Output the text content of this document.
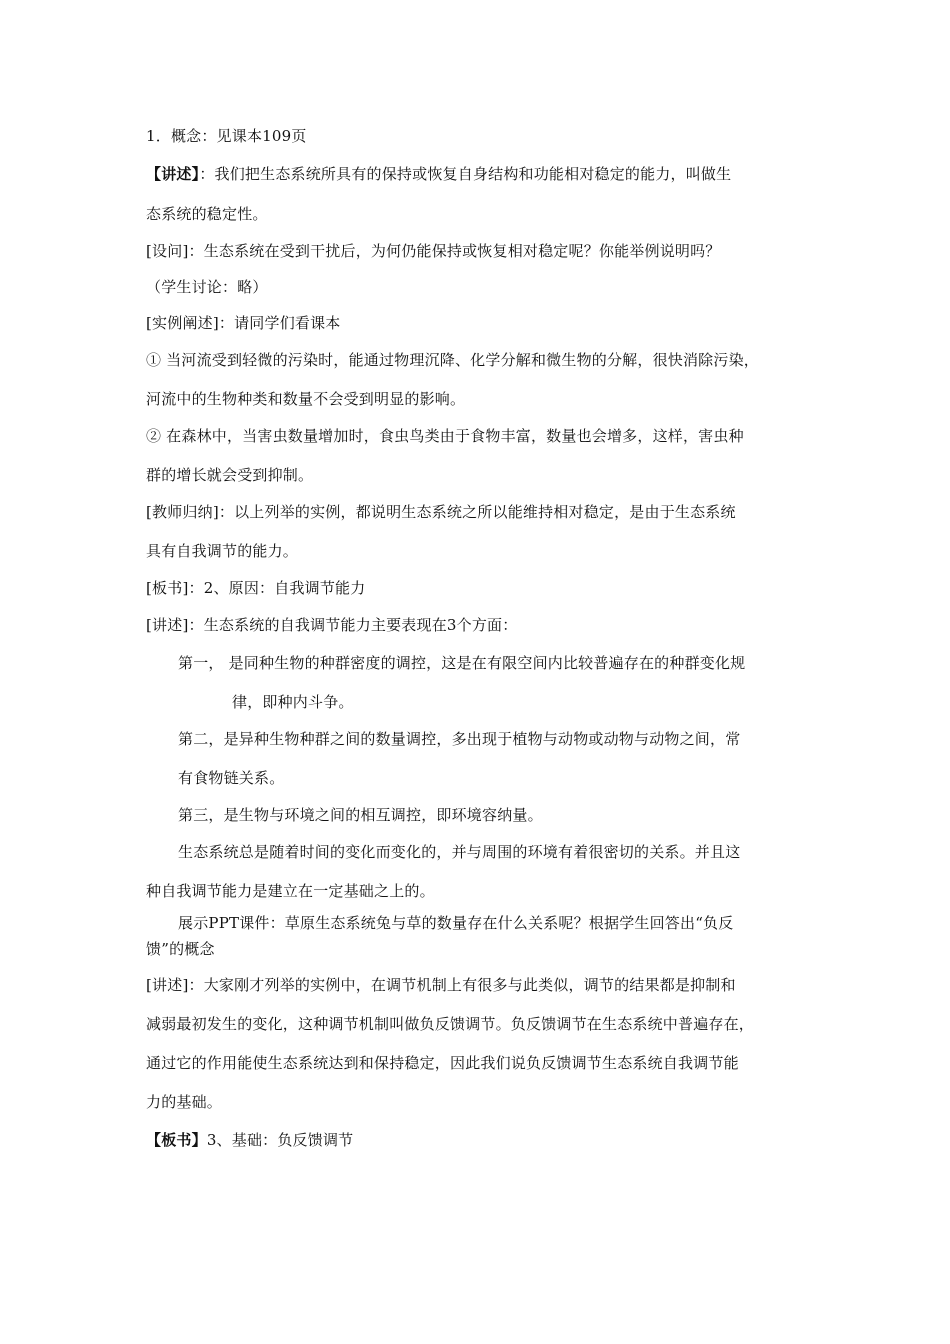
1．概念：见课本109页
【讲述】：我们把生态系统所具有的保持或恢复自身结构和功能相对稳定的能力，叫做生
态系统的稳定性。
[设问]：生态系统在受到干扰后，为何仍能保持或恢复相对稳定呢？你能举例说明吗？
（学生讨论：略）
[实例阐述]：请同学们看课本
① 当河流受到轻微的污染时，能通过物理沉降、化学分解和微生物的分解，很快消除污染，
河流中的生物种类和数量不会受到明显的影响。
② 在森林中，当害虫数量增加时，食虫鸟类由于食物丰富，数量也会增多，这样，害虫种
群的增长就会受到抑制。
[教师归纳]：以上列举的实例，都说明生态系统之所以能维持相对稳定，是由于生态系统
具有自我调节的能力。
[板书]：2、原因：自我调节能力
[讲述]：生态系统的自我调节能力主要表现在3个方面：
第一， 是同种生物的种群密度的调控，这是在有限空间内比较普遍存在的种群变化规
律，即种内斗争。
第二，是异种生物种群之间的数量调控，多出现于植物与动物或动物与动物之间，常
有食物链关系。
第三，是生物与环境之间的相互调控，即环境容纳量。
生态系统总是随着时间的变化而变化的，并与周围的环境有着很密切的关系。并且这
种自我调节能力是建立在一定基础之上的。
展示PPT课件：草原生态系统兔与草的数量存在什么关系呢？根据学生回答出“负反
馈”的概念
[讲述]：大家刚才列举的实例中，在调节机制上有很多与此类似，调节的结果都是抑制和
减弱最初发生的变化，这种调节机制叫做负反馈调节。负反馈调节在生态系统中普遍存在，
通过它的作用能使生态系统达到和保持稳定，因此我们说负反馈调节生态系统自我调节能
力的基础。
【板书】3、基础：负反馈调节
